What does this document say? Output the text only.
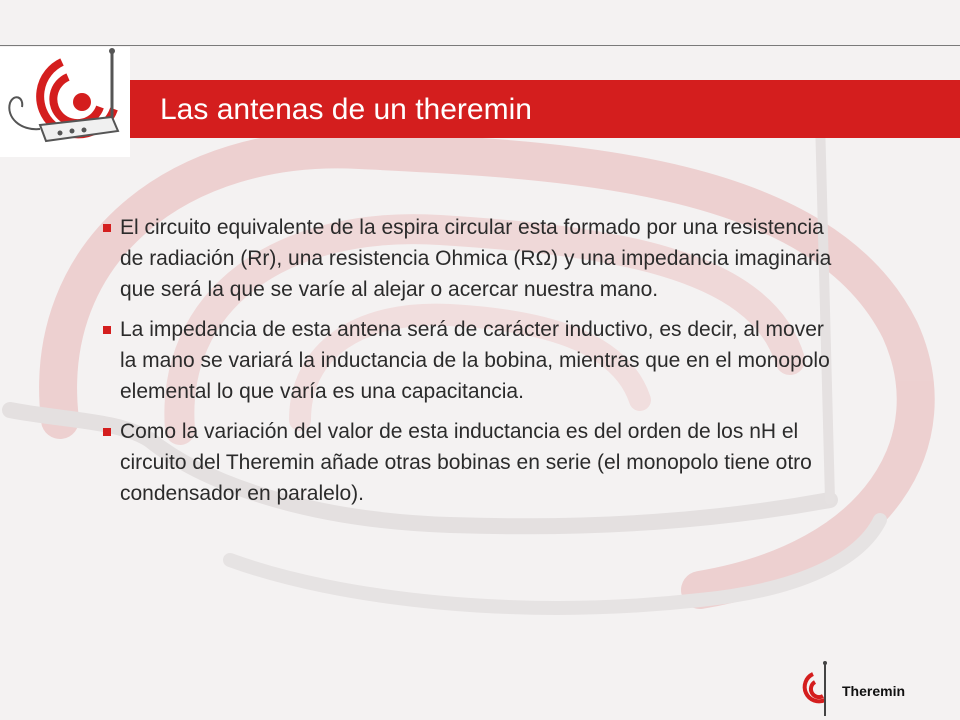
Las antenas de un theremin
El circuito equivalente de la espira circular esta formado por una resistencia de radiación (Rr), una resistencia Ohmica (RΩ) y una impedancia imaginaria que será la que se varíe al alejar o acercar nuestra mano.
La impedancia de esta antena será de carácter inductivo, es decir, al mover la mano se variará la inductancia de la bobina, mientras que en el monopolo elemental lo que varía es una capacitancia.
Como la variación del valor de esta inductancia es del orden de los nH el circuito del Theremin añade otras bobinas en serie (el monopolo tiene otro condensador en paralelo).
Theremin
